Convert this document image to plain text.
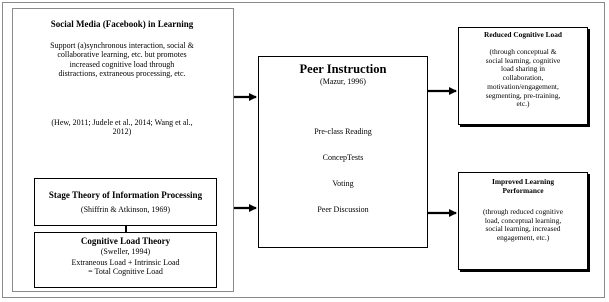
Social Media (Facebook) in Learning
Support (a)synchronous interaction, social &
collaborative learning, etc. but promotes
increased cognitive load through
distractions, extraneous processing, etc.
(Hew, 2011; Judele et al., 2014; Wang et al.,
2012)
Stage Theory of Information Processing
(Shiffrin & Atkinson, 1969)
Cognitive Load Theory
(Sweller, 1994)
Extraneous Load + Intrinsic Load
= Total Cognitive Load
Peer Instruction
(Mazur, 1996)
Pre-class Reading
ConcepTests
Voting
Peer Discussion
Reduced Cognitive Load
(through conceptual &
social learning, cognitive
load sharing in
collaboration,
motivation/engagement,
segmenting, pre-training,
etc.)
Improved Learning
Performance
(through reduced cognitive
load, conceptual learning,
social learning, increased
engagement, etc.)
